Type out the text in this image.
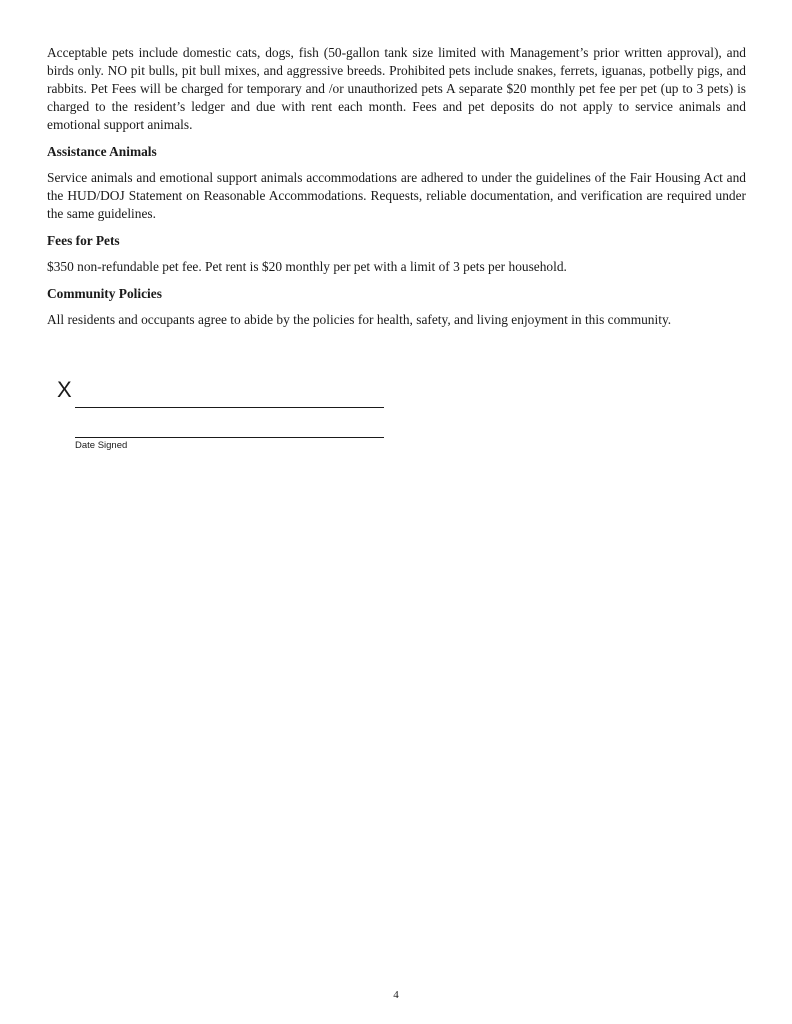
Acceptable pets include domestic cats, dogs, fish (50-gallon tank size limited with Management’s prior written approval), and birds only. NO pit bulls, pit bull mixes, and aggressive breeds. Prohibited pets include snakes, ferrets, iguanas, potbelly pigs, and rabbits. Pet Fees will be charged for temporary and /or unauthorized pets A separate $20 monthly pet fee per pet (up to 3 pets) is charged to the resident’s ledger and due with rent each month. Fees and pet deposits do not apply to service animals and emotional support animals.

Assistance Animals

Service animals and emotional support animals accommodations are adhered to under the guidelines of the Fair Housing Act and the HUD/DOJ Statement on Reasonable Accommodations. Requests, reliable documentation, and verification are required under the same guidelines.

Fees for Pets

$350 non-refundable pet fee. Pet rent is $20 monthly per pet with a limit of 3 pets per household.

Community Policies

All residents and occupants agree to abide by the policies for health, safety, and living enjoyment in this community.

X
Date Signed
4
